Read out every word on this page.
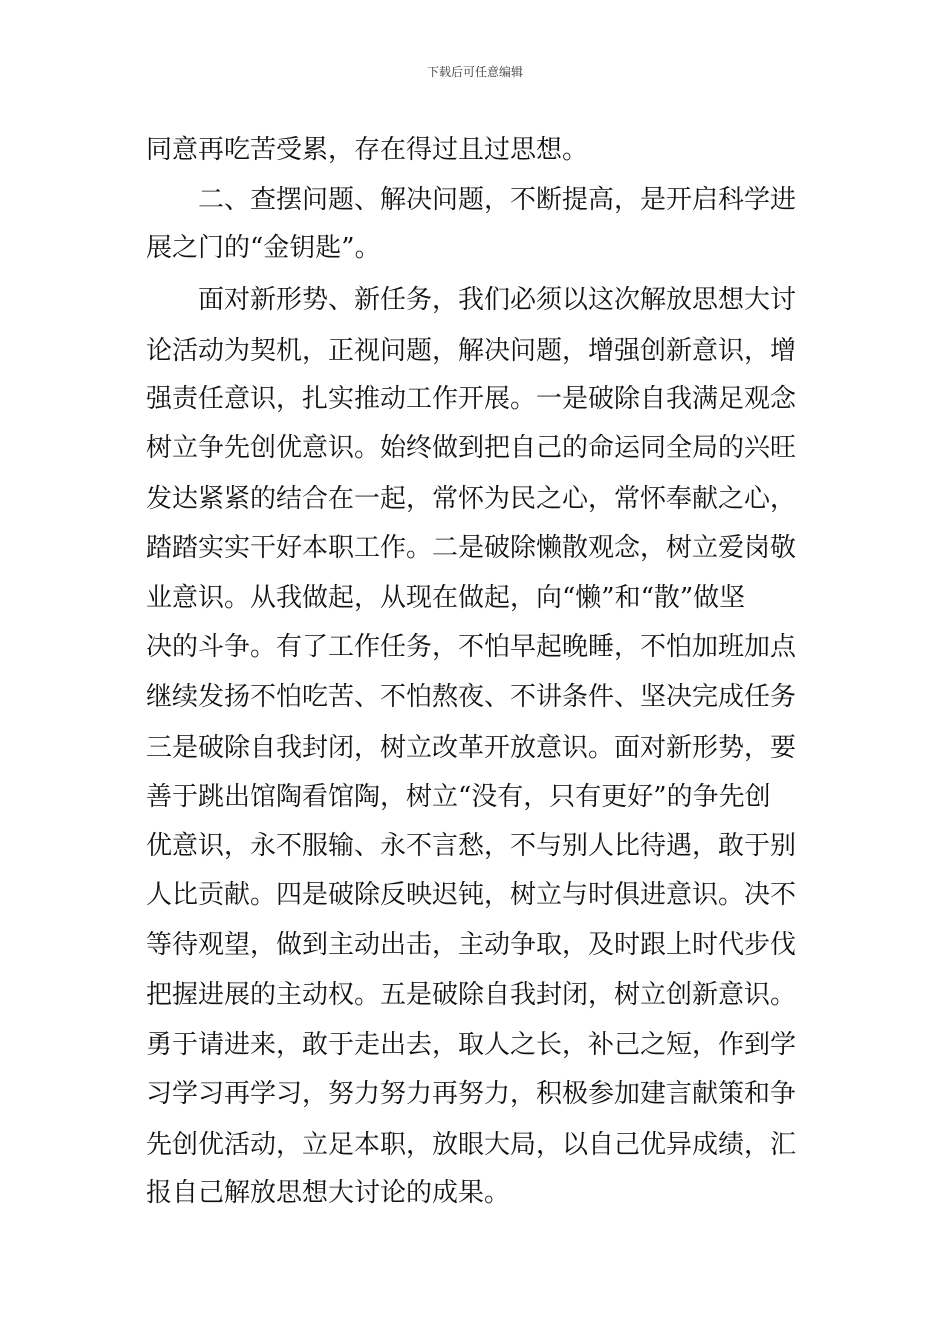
下载后可任意编辑
同意再吃苦受累，存在得过且过思想。
二、查摆问题、解决问题，不断提高，是开启科学进
展之门的“金钥匙”。
面对新形势、新任务，我们必须以这次解放思想大讨
论活动为契机，正视问题，解决问题，增强创新意识，增
强责任意识，扎实推动工作开展。一是破除自我满足观念
树立争先创优意识。始终做到把自己的命运同全局的兴旺
发达紧紧的结合在一起，常怀为民之心，常怀奉献之心，
踏踏实实干好本职工作。二是破除懒散观念，树立爱岗敬
业意识。从我做起，从现在做起，向“懒”和“散”做坚
决的斗争。有了工作任务，不怕早起晚睡，不怕加班加点
继续发扬不怕吃苦、不怕熬夜、不讲条件、坚决完成任务
三是破除自我封闭，树立改革开放意识。面对新形势，要
善于跳出馆陶看馆陶，树立“没有，只有更好”的争先创
优意识，永不服输、永不言愁，不与别人比待遇，敢于别
人比贡献。四是破除反映迟钝，树立与时俱进意识。决不
等待观望，做到主动出击，主动争取，及时跟上时代步伐
把握进展的主动权。五是破除自我封闭，树立创新意识。
勇于请进来，敢于走出去，取人之长，补己之短，作到学
习学习再学习，努力努力再努力，积极参加建言献策和争
先创优活动，立足本职，放眼大局，以自己优异成绩，汇
报自己解放思想大讨论的成果。
